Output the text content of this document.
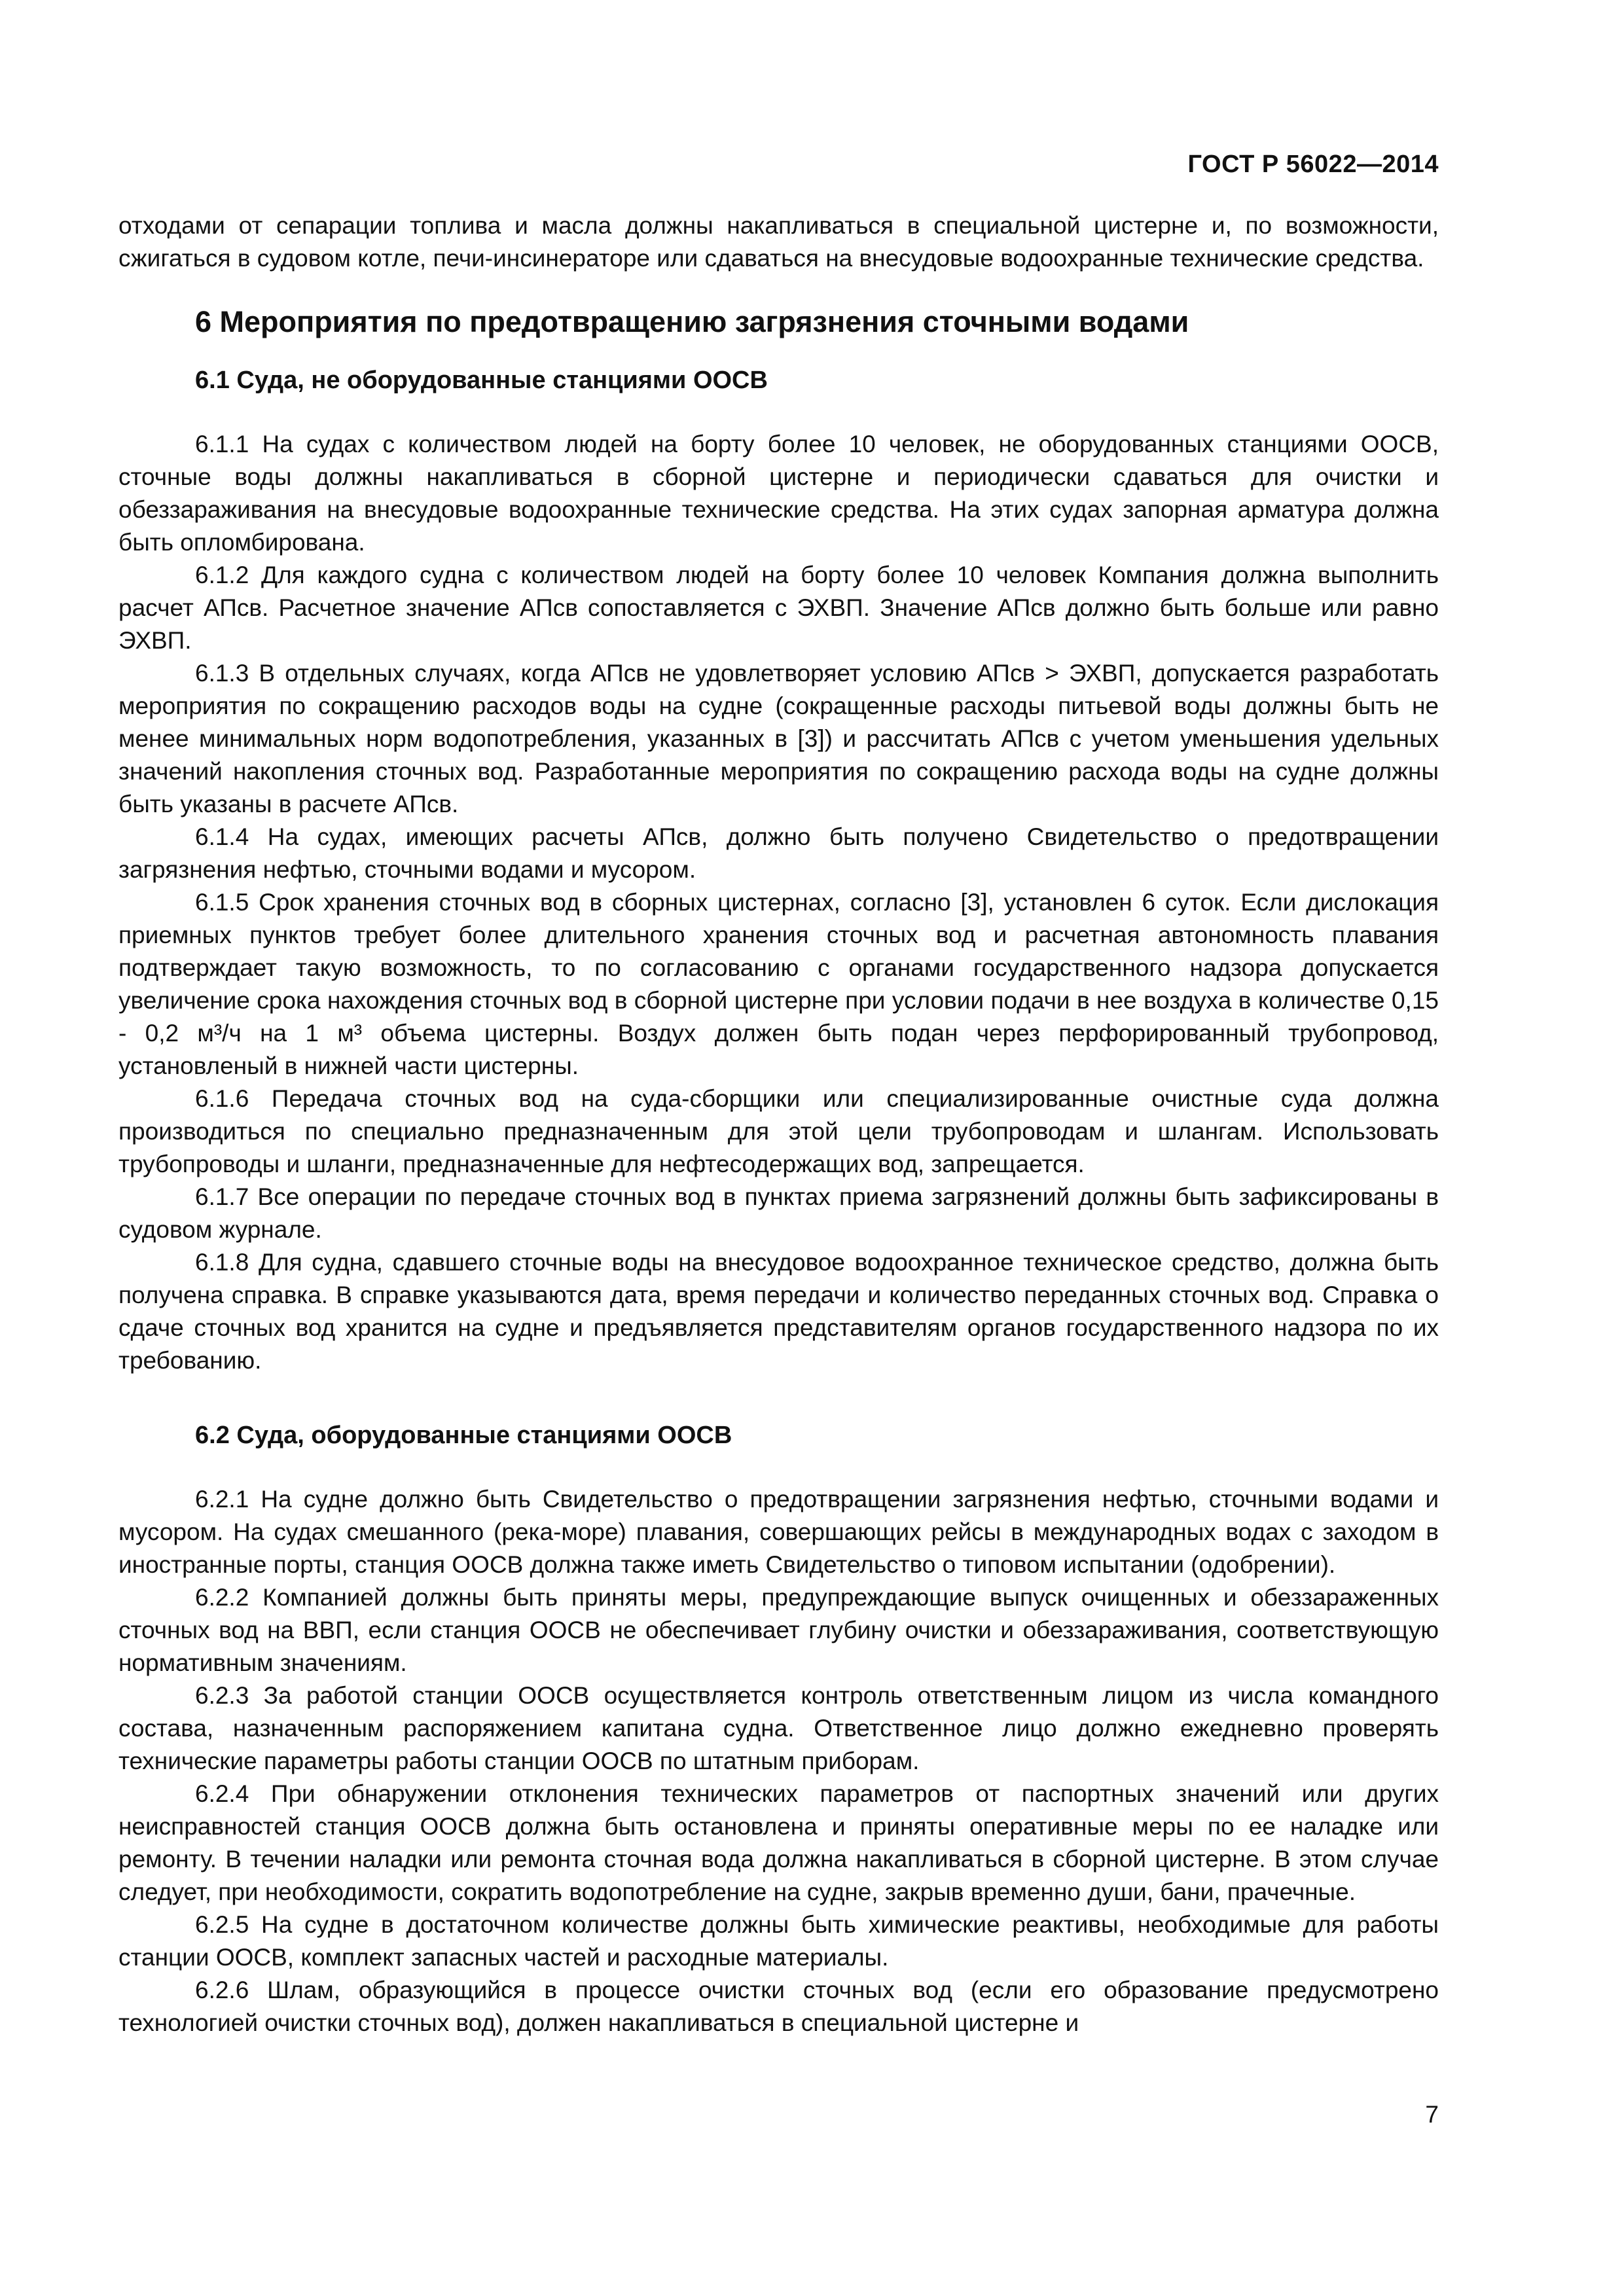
ГОСТ Р 56022—2014

отходами от сепарации топлива и масла должны накапливаться в специальной цистерне и, по возможности, сжигаться в судовом котле, печи-инсинераторе или сдаваться на внесудовые водоохранные технические средства.

6 Мероприятия по предотвращению загрязнения сточными водами

6.1 Суда, не оборудованные станциями ООСВ

6.1.1 На судах с количеством людей на борту более 10 человек, не оборудованных станциями ООСВ, сточные воды должны накапливаться в сборной цистерне и периодически сдаваться для очистки и обеззараживания на внесудовые водоохранные технические средства. На этих судах запорная арматура должна быть опломбирована.

6.1.2 Для каждого судна с количеством людей на борту более 10 человек Компания должна выполнить расчет АПсв. Расчетное значение АПсв сопоставляется с ЭХВП. Значение АПсв должно быть больше или равно ЭХВП.

6.1.3 В отдельных случаях, когда АПсв не удовлетворяет условию АПсв > ЭХВП, допускается разработать мероприятия по сокращению расходов воды на судне (сокращенные расходы питьевой воды должны быть не менее минимальных норм водопотребления, указанных в [3]) и рассчитать АПсв с учетом уменьшения удельных значений накопления сточных вод. Разработанные мероприятия по сокращению расхода воды на судне должны быть указаны в расчете АПсв.

6.1.4 На судах, имеющих расчеты АПсв, должно быть получено Свидетельство о предотвращении загрязнения нефтью, сточными водами и мусором.

6.1.5 Срок хранения сточных вод в сборных цистернах, согласно [3], установлен 6 суток. Если дислокация приемных пунктов требует более длительного хранения сточных вод и расчетная автономность плавания подтверждает такую возможность, то по согласованию с органами государственного надзора допускается увеличение срока нахождения сточных вод в сборной цистерне при условии подачи в нее воздуха в количестве 0,15 - 0,2 м³/ч на 1 м³ объема цистерны. Воздух должен быть подан через перфорированный трубопровод, установленый в нижней части цистерны.

6.1.6 Передача сточных вод на суда-сборщики или специализированные очистные суда должна производиться по специально предназначенным для этой цели трубопроводам и шлангам. Использовать трубопроводы и шланги, предназначенные для нефтесодержащих вод, запрещается.

6.1.7 Все операции по передаче сточных вод в пунктах приема загрязнений должны быть зафиксированы в судовом журнале.

6.1.8 Для судна, сдавшего сточные воды на внесудовое водоохранное техническое средство, должна быть получена справка. В справке указываются дата, время передачи и количество переданных сточных вод. Справка о сдаче сточных вод хранится на судне и предъявляется представителям органов государственного надзора по их требованию.

6.2 Суда, оборудованные станциями ООСВ

6.2.1 На судне должно быть Свидетельство о предотвращении загрязнения нефтью, сточными водами и мусором. На судах смешанного (река-море) плавания, совершающих рейсы в международных водах с заходом в иностранные порты, станция ООСВ должна также иметь Свидетельство о типовом испытании (одобрении).

6.2.2 Компанией должны быть приняты меры, предупреждающие выпуск очищенных и обеззараженных сточных вод на ВВП, если станция ООСВ не обеспечивает глубину очистки и обеззараживания, соответствующую нормативным значениям.

6.2.3 За работой станции ООСВ осуществляется контроль ответственным лицом из числа командного состава, назначенным распоряжением капитана судна. Ответственное лицо должно ежедневно проверять технические параметры работы станции ООСВ по штатным приборам.

6.2.4 При обнаружении отклонения технических параметров от паспортных значений или других неисправностей станция ООСВ должна быть остановлена и приняты оперативные меры по ее наладке или ремонту. В течении наладки или ремонта сточная вода должна накапливаться в сборной цистерне. В этом случае следует, при необходимости, сократить водопотребление на судне, закрыв временно души, бани, прачечные.

6.2.5 На судне в достаточном количестве должны быть химические реактивы, необходимые для работы станции ООСВ, комплект запасных частей и расходные материалы.

6.2.6 Шлам, образующийся в процессе очистки сточных вод (если его образование предусмотрено технологией очистки сточных вод), должен накапливаться в специальной цистерне и

7
